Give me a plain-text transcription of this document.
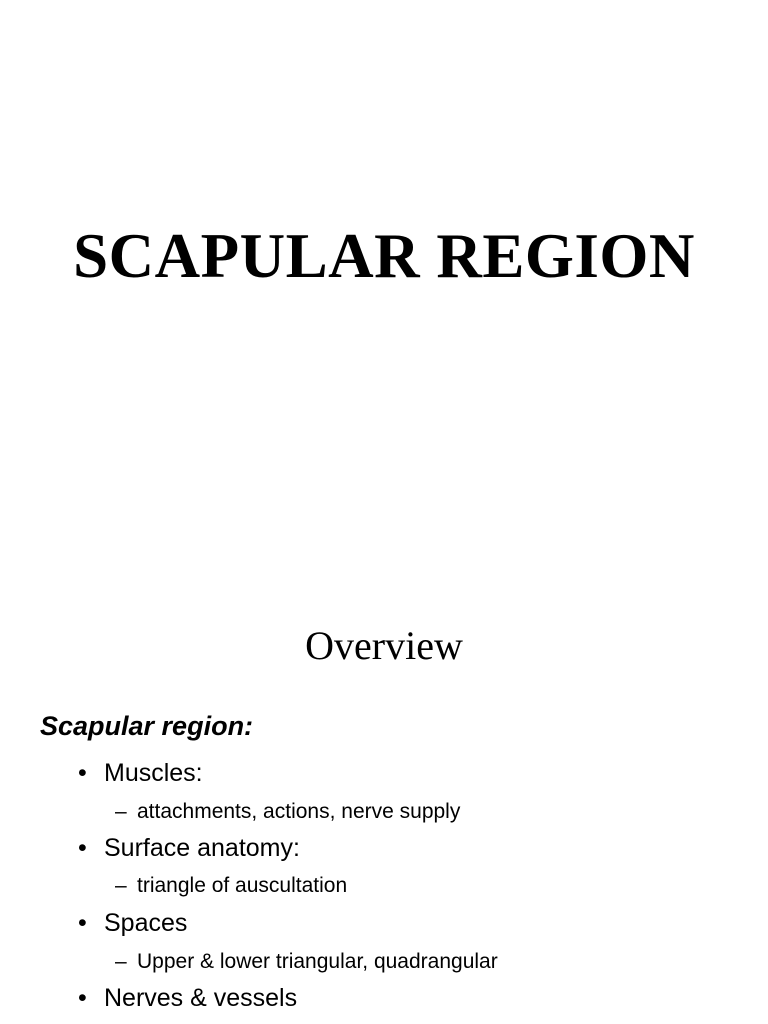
SCAPULAR REGION
Overview
Scapular region:
• Muscles:
– attachments, actions, nerve supply
• Surface anatomy:
– triangle of auscultation
• Spaces
– Upper & lower triangular, quadrangular
• Nerves & vessels
